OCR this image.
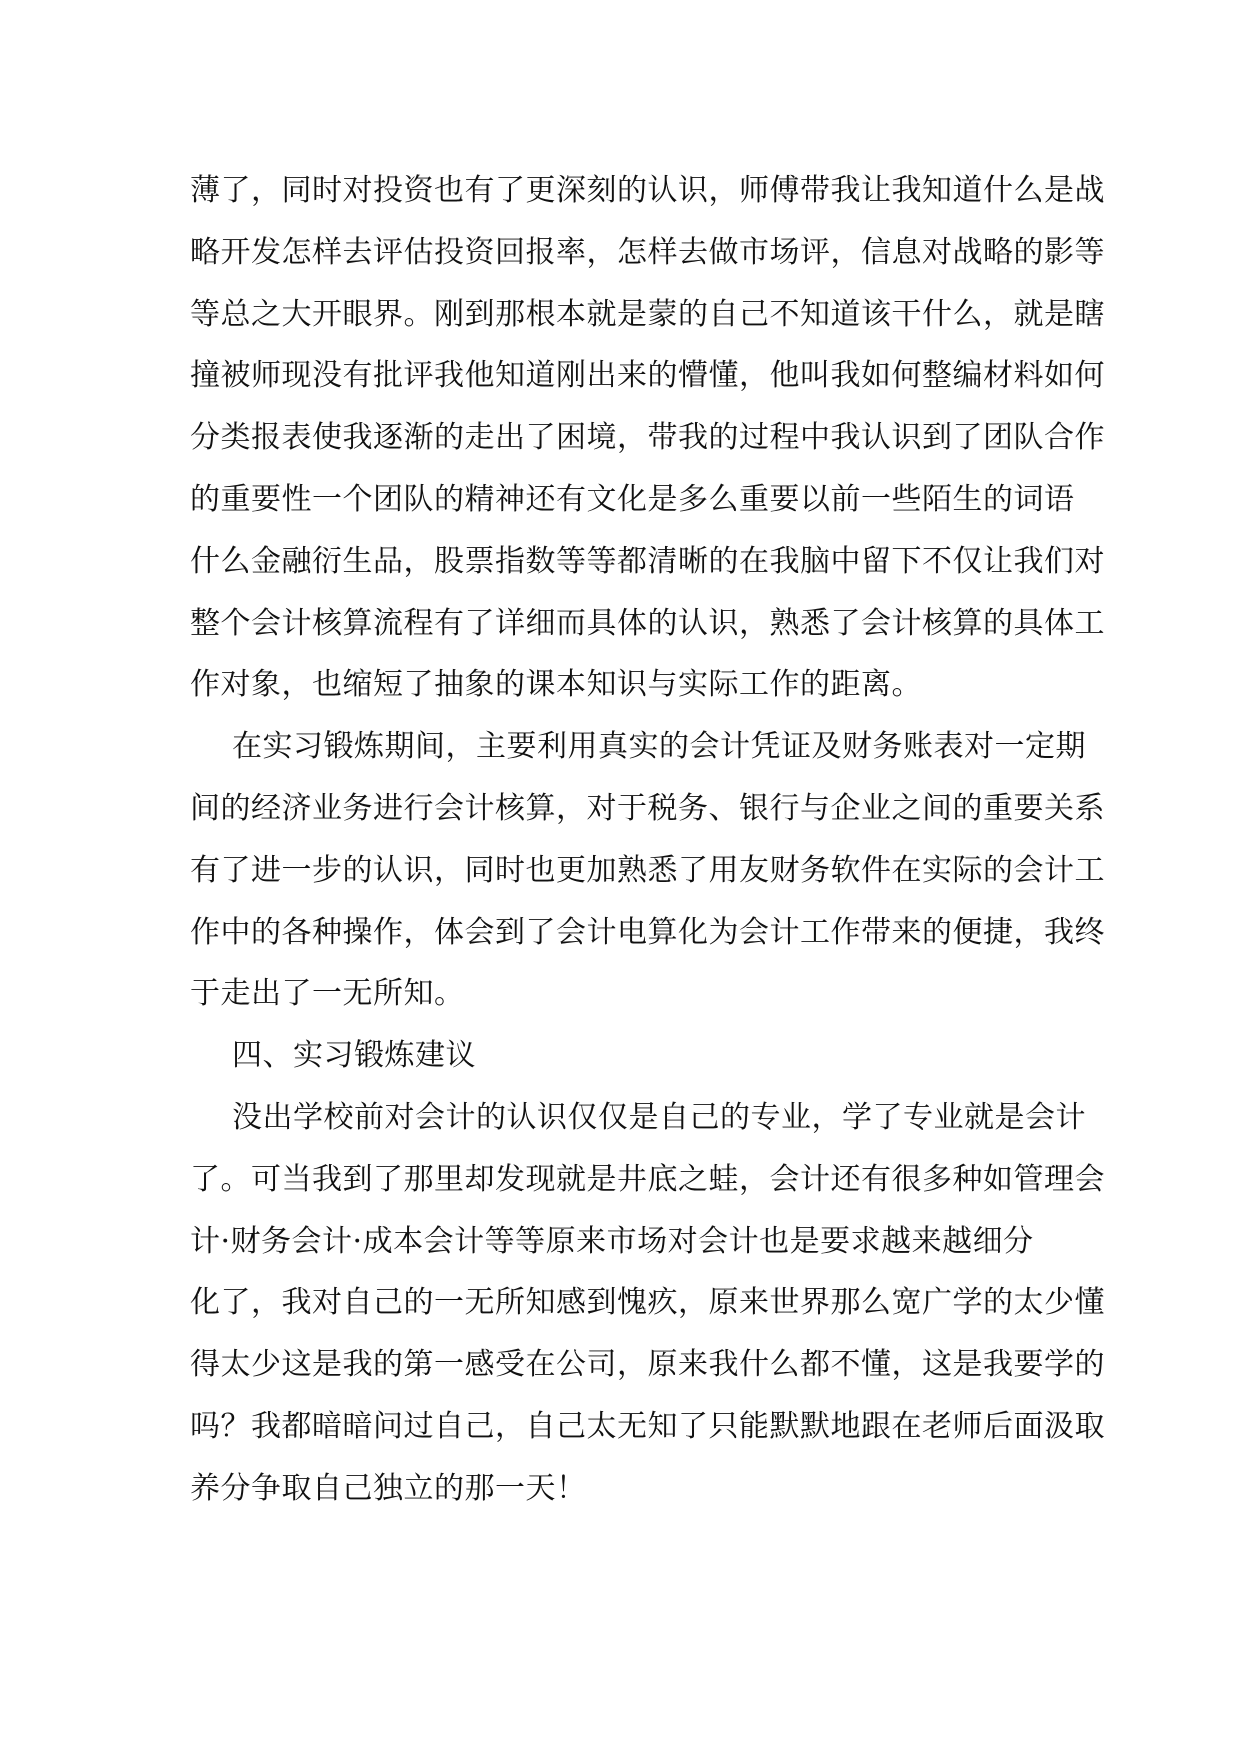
薄了，同时对投资也有了更深刻的认识，师傅带我让我知道什么是战
略开发怎样去评估投资回报率，怎样去做市场评，信息对战略的影等
等总之大开眼界。刚到那根本就是蒙的自己不知道该干什么，就是瞎
撞被师现没有批评我他知道刚出来的懵懂，他叫我如何整编材料如何
分类报表使我逐渐的走出了困境，带我的过程中我认识到了团队合作
的重要性一个团队的精神还有文化是多么重要以前一些陌生的词语
什么金融衍生品，股票指数等等都清晰的在我脑中留下不仅让我们对
整个会计核算流程有了详细而具体的认识，熟悉了会计核算的具体工
作对象，也缩短了抽象的课本知识与实际工作的距离。
在实习锻炼期间，主要利用真实的会计凭证及财务账表对一定期
间的经济业务进行会计核算，对于税务、银行与企业之间的重要关系
有了进一步的认识，同时也更加熟悉了用友财务软件在实际的会计工
作中的各种操作，体会到了会计电算化为会计工作带来的便捷，我终
于走出了一无所知。
四、实习锻炼建议
没出学校前对会计的认识仅仅是自己的专业，学了专业就是会计
了。可当我到了那里却发现就是井底之蛙，会计还有很多种如管理会
计·财务会计·成本会计等等原来市场对会计也是要求越来越细分
化了，我对自己的一无所知感到愧疚，原来世界那么宽广学的太少懂
得太少这是我的第一感受在公司，原来我什么都不懂，这是我要学的
吗？我都暗暗问过自己，自己太无知了只能默默地跟在老师后面汲取
养分争取自己独立的那一天！
